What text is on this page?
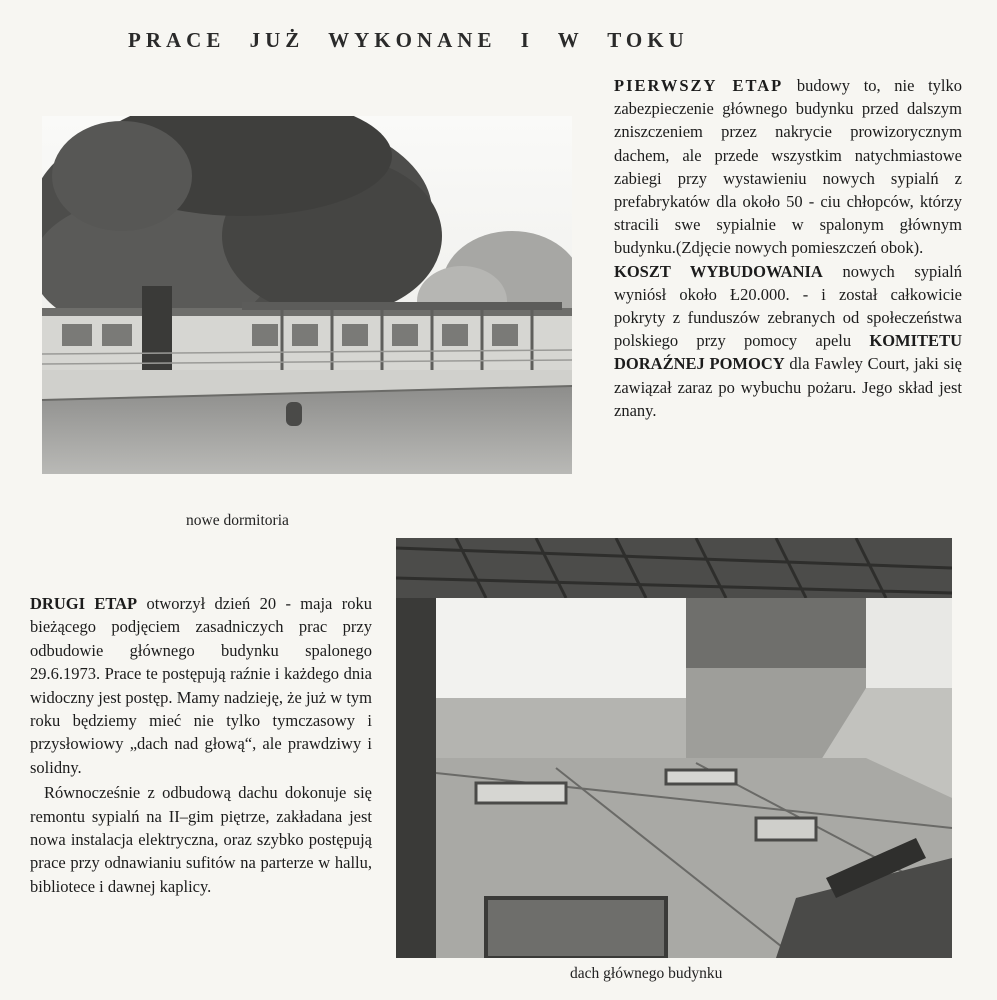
PRACE JUŻ WYKONANE I W TOKU
nowe dormitoria

PIERWSZY ETAP budowy to, nie tylko zabezpieczenie głównego budynku przed dalszym zniszczeniem przez nakrycie prowizorycznym dachem, ale przede wszystkim natychmiastowe zabiegi przy wystawieniu nowych sypialń z prefabrykatów dla około 50 - ciu chłopców, którzy stracili swe sypialnie w spalonym głównym budynku.(Zdjęcie nowych pomieszczeń obok).

KOSZT WYBUDOWANIA nowych sypialń wyniósł około Ł20.000. - i został całkowicie pokryty z funduszów zebranych od społeczeństwa polskiego przy pomocy apelu KOMITETU DORAŹNEJ POMOCY dla Fawley Court, jaki się zawiązał zaraz po wybuchu pożaru. Jego skład jest znany.

dach głównego budynku

DRUGI ETAP otworzył dzień 20 - maja roku bieżącego podjęciem zasadniczych prac przy odbudowie głównego budynku spalonego 29.6.1973. Prace te postępują raźnie i każdego dnia widoczny jest postęp. Mamy nadzieję, że już w tym roku będziemy mieć nie tylko tymczasowy i przysłowiowy „dach nad głową“, ale prawdziwy i solidny.

Równocześnie z odbudową dachu dokonuje się remontu sypialń na II–gim piętrze, zakładana jest nowa instalacja elektryczna, oraz szybko postępują prace przy odnawianiu sufitów na parterze w hallu, bibliotece i dawnej kaplicy.
